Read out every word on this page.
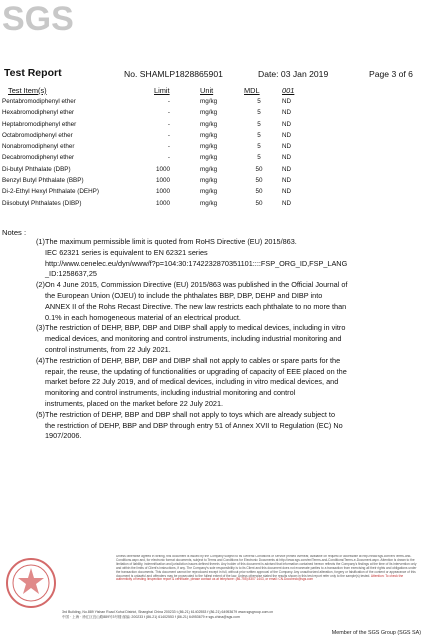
SGS
Test Report	No. SHAMLP1828865901	Date: 03 Jan 2019	Page 3 of 6
Test Item(s)	Limit	Unit	MDL	001
Pentabromodiphenyl ether	-	mg/kg	5	ND
Hexabromodiphenyl ether	-	mg/kg	5	ND
Heptabromodiphenyl ether	-	mg/kg	5	ND
Octabromodiphenyl ether	-	mg/kg	5	ND
Nonabromodiphenyl ether	-	mg/kg	5	ND
Decabromodiphenyl ether	-	mg/kg	5	ND
Di-butyl Phthalate (DBP)	1000	mg/kg	50	ND
Benzyl Butyl Phthalate (BBP)	1000	mg/kg	50	ND
Di-2-Ethyl Hexyl Phthalate (DEHP)	1000	mg/kg	50	ND
Diisobutyl Phthalates (DIBP)	1000	mg/kg	50	ND
Notes :
(1) The maximum permissible limit is quoted from RoHS Directive (EU) 2015/863.
IEC 62321 series is equivalent to EN 62321 series
http://www.cenelec.eu/dyn/www/f?p=104:30:1742232870351101::::FSP_ORG_ID,FSP_LANG
_ID:1258637,25
(2) On 4 June 2015, Commission Directive (EU) 2015/863 was published in the Official Journal of
the European Union (OJEU) to include the phthalates BBP, DBP, DEHP and DIBP into
ANNEX II of the Rohs Recast Directive. The new law restricts each phthalate to no more than
0.1% in each homogeneous material of an electrical product.
(3) The restriction of DEHP, BBP, DBP and DIBP shall apply to medical devices, including in vitro
medical devices, and monitoring and control instruments, including industrial monitoring and
control instruments, from 22 July 2021.
(4) The restriction of DEHP, BBP, DBP and DIBP shall not apply to cables or spare parts for the
repair, the reuse, the updating of functionalities or upgrading of capacity of EEE placed on the
market before 22 July 2019, and of medical devices, including in vitro medical devices, and
monitoring and control instruments, including industrial monitoring and control
instruments, placed on the market before 22 July 2021.
(5) The restriction of DEHP, BBP and DBP shall not apply to toys which are already subject to
the restriction of DEHP, BBP and DBP through entry 51 of Annex XVII to Regulation (EC) No
1907/2006.
Unless otherwise agreed in writing, this document is issued by the Company subject to its General Conditions of Service printed overleaf, available on request or accessible at http://www.sgs.com/en/Terms-and-Conditions.aspx and, for electronic format documents, subject to Terms and Conditions for Electronic Documents at http://www.sgs.com/en/Terms-and-Conditions/Terms-e-Document.aspx. Attention is drawn to the limitation of liability, indemnification and jurisdiction issues defined therein. Any holder of this document is advised that information contained hereon reflects the Company's findings at the time of its intervention only and within the limits of Client's instructions, if any. The Company's sole responsibility is to its Client and this document does not exonerate parties to a transaction from exercising all their rights and obligations under the transaction documents. This document cannot be reproduced except in full, without prior written approval of the Company. Any unauthorized alteration, forgery or falsification of the content or appearance of this document is unlawful and offenders may be prosecuted to the fullest extent of the law. Unless otherwise stated the results shown in this test report refer only to the sample(s) tested. Attention: To check the authenticity of testing /inspection report & certificate, please contact us at telephone: (86-755) 8307 1443, or email: CN.Doccheck@sgs.com
3rd Building, No.889 Yishan Road Xuhui District, Shanghai China 200233 t (86-21) 61402553 f (86-21) 64953679 www.sgsgroup.com.cn
中国 · 上海 · 徐汇区宜山路889号3号楼 邮编: 200233 t (86-21) 61402553 f (86-21) 64953679 e sgs.china@sgs.com
Member of the SGS Group (SGS SA)
